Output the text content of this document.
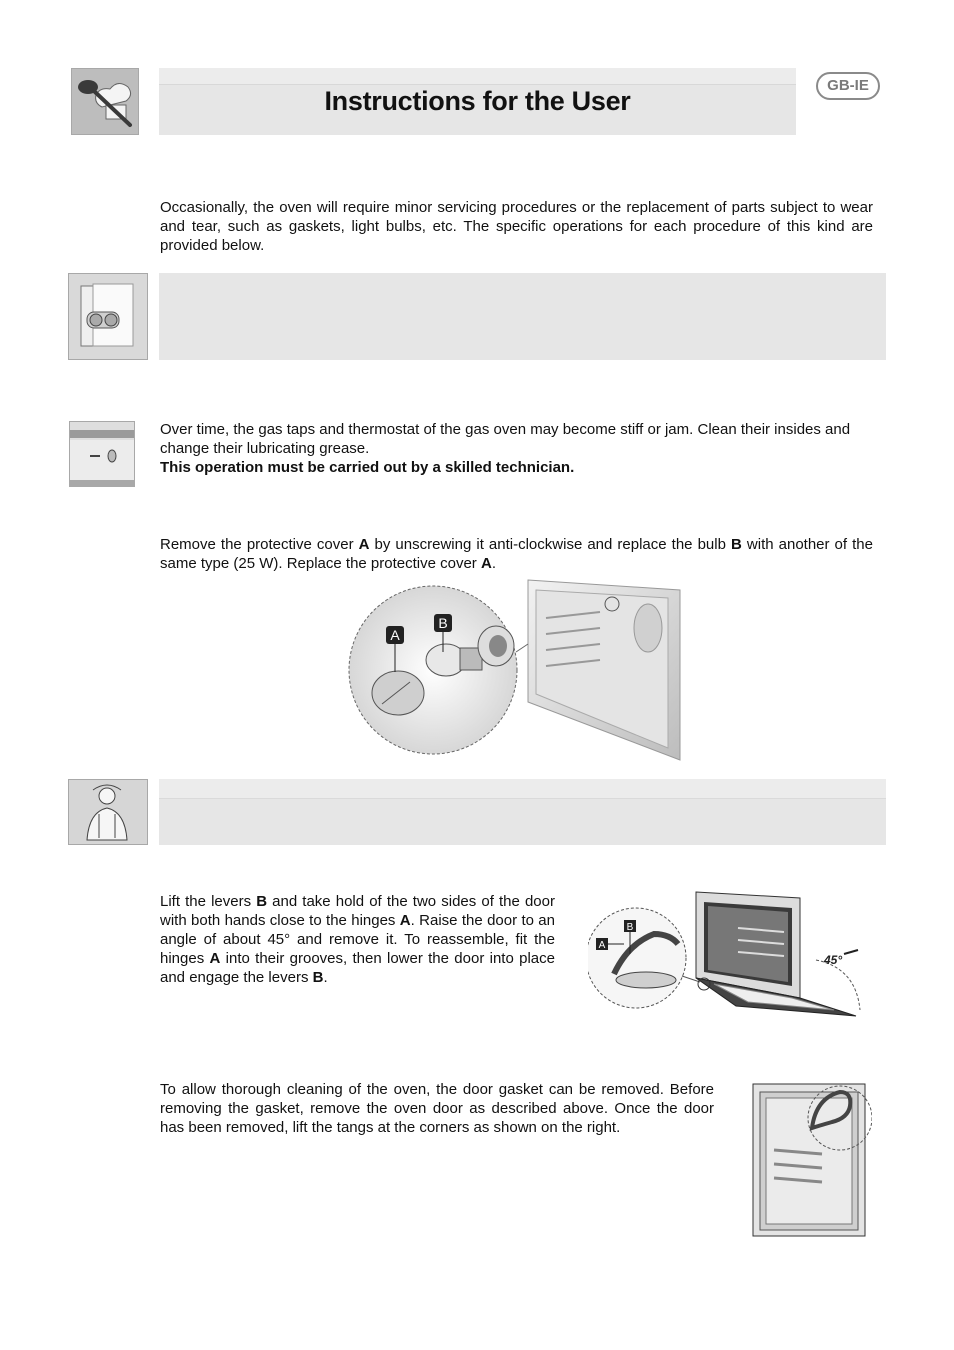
Instructions for the User
GB-IE

Occasionally, the oven will require minor servicing procedures or the replacement of parts subject to wear and tear, such as gaskets, light bulbs, etc. The specific operations for each procedure of this kind are provided below.

Over time, the gas taps and thermostat of the gas oven may become stiff or jam. Clean their insides and change their lubricating grease.

This operation must be carried out by a skilled technician.

Remove the protective cover A by unscrewing it anti-clockwise and replace the bulb B with another of the same type (25 W). Replace the protective cover A.

A
B

Lift the levers B and take hold of the two sides of the door with both hands close to the hinges A. Raise the door to an angle of about 45° and remove it. To reassemble, fit the hinges A into their grooves, then lower the door into place and engage the levers B.

45°
A
B

To allow thorough cleaning of the oven, the door gasket can be removed. Before removing the gasket, remove the oven door as described above. Once the door has been removed, lift the tangs at the corners as shown on the right.
